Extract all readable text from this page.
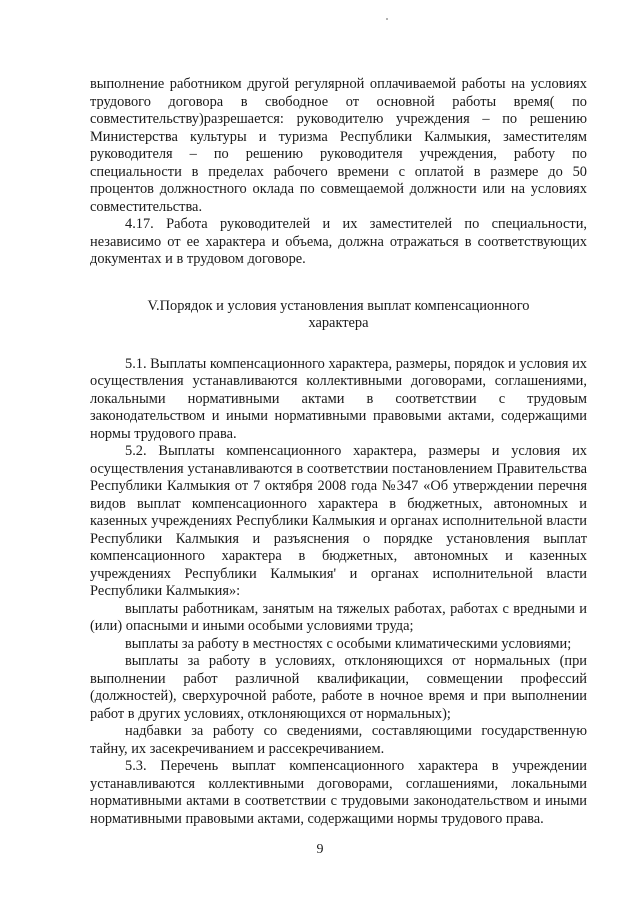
выполнение работником другой регулярной оплачиваемой работы на условиях трудового договора в свободное от основной работы время( по совместительству)разрешается: руководителю учреждения – по решению Министерства культуры и туризма Республики Калмыкия, заместителям руководителя – по решению руководителя учреждения, работу по специальности в пределах рабочего времени с оплатой в размере до 50 процентов должностного оклада по совмещаемой должности или на условиях совместительства.

4.17. Работа руководителей и их заместителей по специальности, независимо от ее характера и объема, должна отражаться в соответствующих документах и в трудовом договоре.

V.Порядок и условия установления выплат компенсационного характера

5.1. Выплаты компенсационного характера, размеры, порядок и условия их осуществления устанавливаются коллективными договорами, соглашениями, локальными нормативными актами в соответствии с трудовым законодательством и иными нормативными правовыми актами, содержащими нормы трудового права.

5.2. Выплаты компенсационного характера, размеры и условия их осуществления устанавливаются в соответствии постановлением Правительства Республики Калмыкия от 7 октября 2008 года №347 «Об утверждении перечня видов выплат компенсационного характера в бюджетных, автономных и казенных учреждениях Республики Калмыкия и органах исполнительной власти Республики Калмыкия и разъяснения о порядке установления выплат компенсационного характера в бюджетных, автономных и казенных учреждениях Республики Калмыкия' и органах исполнительной власти Республики Калмыкия»:

выплаты работникам, занятым на тяжелых работах, работах с вредными и (или) опасными и иными особыми условиями труда;

выплаты за работу в местностях с особыми климатическими условиями;

выплаты за работу в условиях, отклоняющихся от нормальных (при выполнении работ различной квалификации, совмещении профессий (должностей), сверхурочной работе, работе в ночное время и при выполнении работ в других условиях, отклоняющихся от нормальных);

надбавки за работу со сведениями, составляющими государственную тайну, их засекречиванием и рассекречиванием.

5.3. Перечень выплат компенсационного характера в учреждении устанавливаются коллективными договорами, соглашениями, локальными нормативными актами в соответствии с трудовыми законодательством и иными нормативными правовыми актами, содержащими нормы трудового права.

9
